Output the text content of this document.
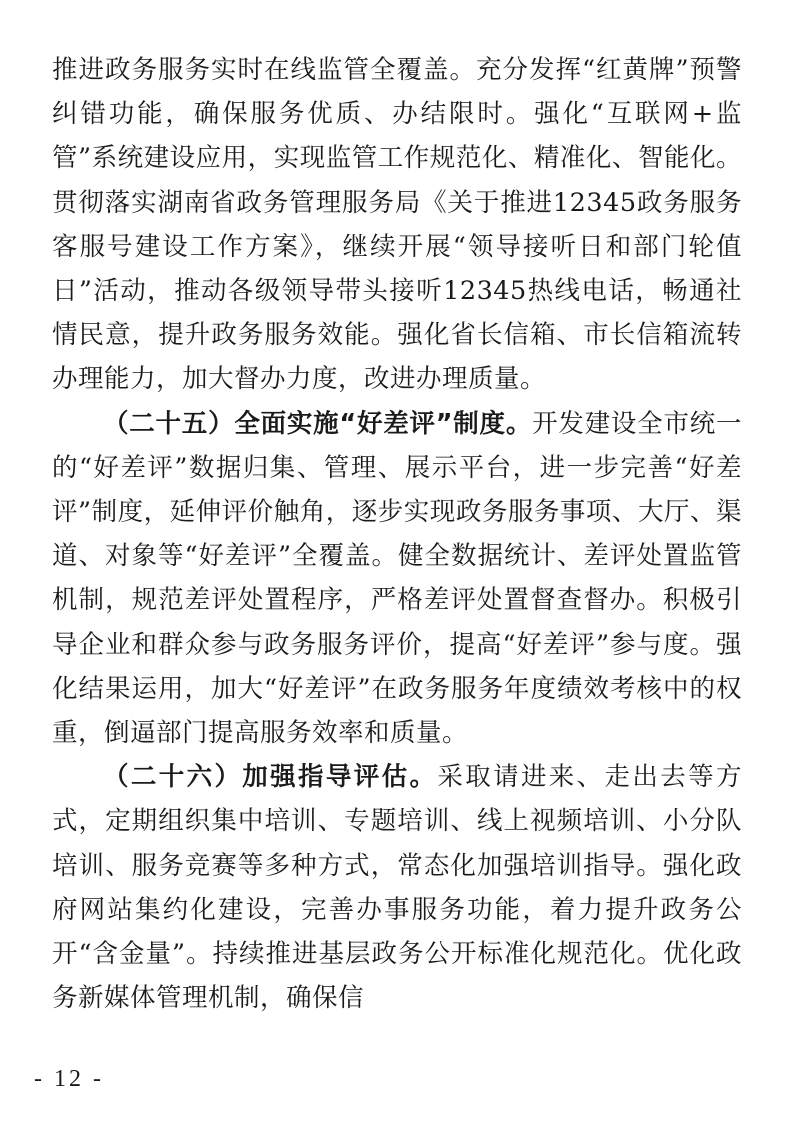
推进政务服务实时在线监管全覆盖。充分发挥“红黄牌”预警纠错功能，确保服务优质、办结限时。强化“互联网+监管”系统建设应用，实现监管工作规范化、精准化、智能化。贯彻落实湖南省政务管理服务局《关于推进12345政务服务客服号建设工作方案》，继续开展“领导接听日和部门轮值日”活动，推动各级领导带头接听12345热线电话，畅通社情民意，提升政务服务效能。强化省长信箱、市长信箱流转办理能力，加大督办力度，改进办理质量。

（二十五）全面实施“好差评”制度。开发建设全市统一的“好差评”数据归集、管理、展示平台，进一步完善“好差评”制度，延伸评价触角，逐步实现政务服务事项、大厅、渠道、对象等“好差评”全覆盖。健全数据统计、差评处置监管机制，规范差评处置程序，严格差评处置督查督办。积极引导企业和群众参与政务服务评价，提高“好差评”参与度。强化结果运用，加大“好差评”在政务服务年度绩效考核中的权重，倒逼部门提高服务效率和质量。

（二十六）加强指导评估。采取请进来、走出去等方式，定期组织集中培训、专题培训、线上视频培训、小分队培训、服务竞赛等多种方式，常态化加强培训指导。强化政府网站集约化建设，完善办事服务功能，着力提升政务公开“含金量”。持续推进基层政务公开标准化规范化。优化政务新媒体管理机制，确保信

- 12 -
